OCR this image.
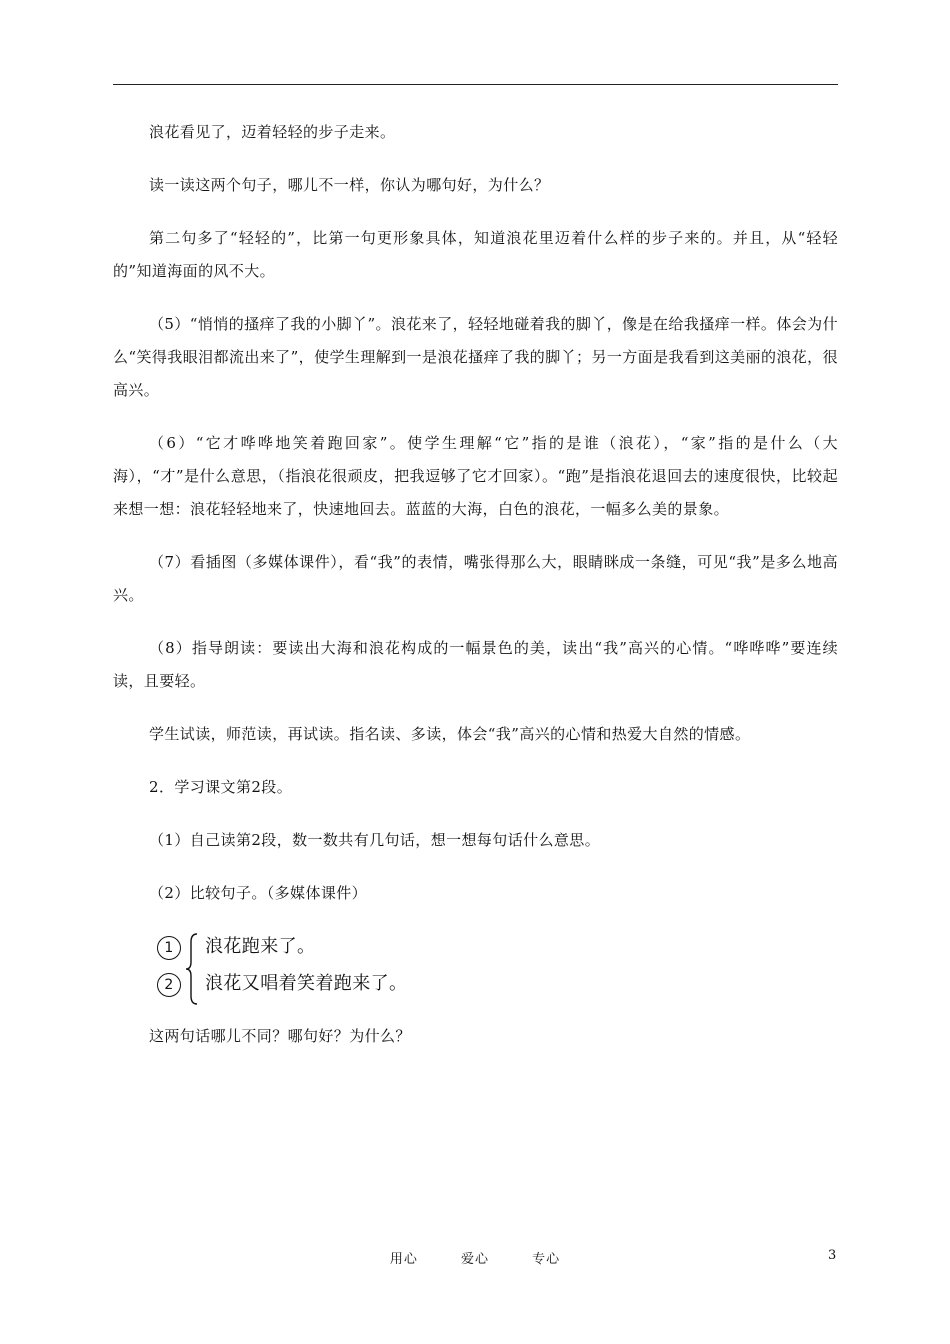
浪花看见了，迈着轻轻的步子走来。

读一读这两个句子，哪儿不一样，你认为哪句好，为什么？

第二句多了“轻轻的”，比第一句更形象具体，知道浪花里迈着什么样的步子来的。并且，从“轻轻的”知道海面的风不大。

（5）“悄悄的搔痒了我的小脚丫”。浪花来了，轻轻地碰着我的脚丫，像是在给我搔痒一样。体会为什么“笑得我眼泪都流出来了”，使学生理解到一是浪花搔痒了我的脚丫；另一方面是我看到这美丽的浪花，很高兴。

（6）“它才哗哗地笑着跑回家”。使学生理解“它”指的是谁（浪花），“家”指的是什么（大海），“才”是什么意思，（指浪花很顽皮，把我逗够了它才回家）。“跑”是指浪花退回去的速度很快，比较起来想一想：浪花轻轻地来了，快速地回去。蓝蓝的大海，白色的浪花，一幅多么美的景象。

（7）看插图（多媒体课件），看“我”的表情，嘴张得那么大，眼睛眯成一条缝，可见“我”是多么地高兴。

（8）指导朗读：要读出大海和浪花构成的一幅景色的美，读出“我”高兴的心情。“哗哗哗”要连续读，且要轻。

学生试读，师范读，再试读。指名读、多读，体会“我”高兴的心情和热爱大自然的情感。

2．学习课文第2段。

（1）自己读第2段，数一数共有几句话，想一想每句话什么意思。

（2）比较句子。（多媒体课件）

1
2
浪花跑来了。
浪花又唱着笑着跑来了。

这两句话哪儿不同？哪句好？为什么？

用心	爱心	专心	3
